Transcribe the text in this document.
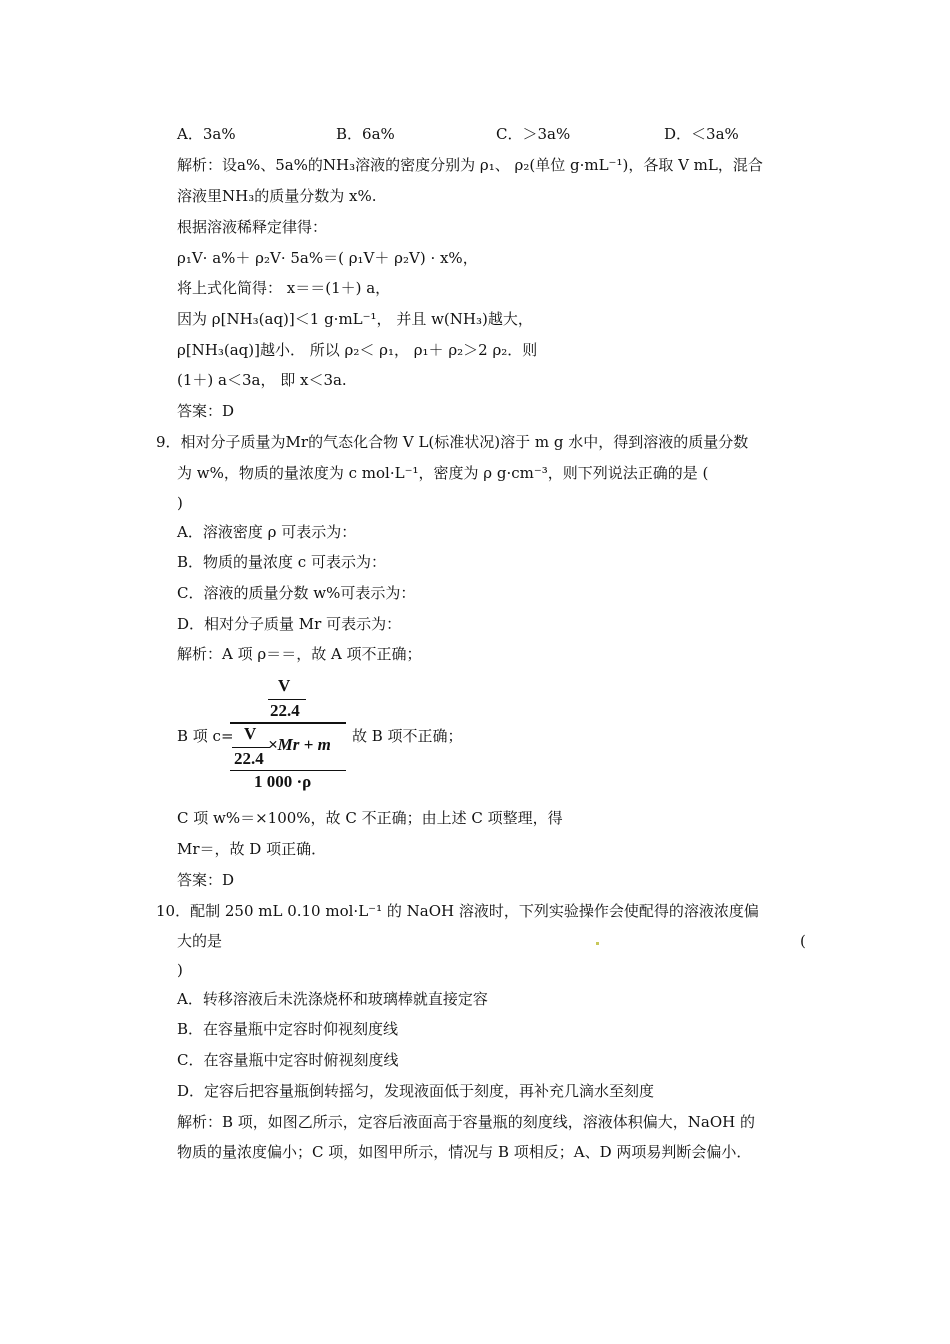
A．3a%	B．6a%	C．＞3a%	D．＜3a%
解析：设a%、5a%的NH₃溶液的密度分别为 ρ₁、 ρ₂(单位 g·mL⁻¹)，各取 V mL，混合
溶液里NH₃的质量分数为 x%.
根据溶液稀释定律得：
ρ₁V· a%＋ ρ₂V· 5a%＝( ρ₁V＋ ρ₂V) · x%，
将上式化简得： x＝＝(1＋) a，
因为 ρ[NH₃(aq)]＜1 g·mL⁻¹， 并且 w(NH₃)越大，
ρ[NH₃(aq)]越小． 所以 ρ₂＜ ρ₁， ρ₁＋ ρ₂＞2 ρ₂．则
(1＋) a＜3a， 即 x＜3a.
答案：D
9．相对分子质量为Mr的气态化合物 V L(标准状况)溶于 m g 水中，得到溶液的质量分数
为 w%，物质的量浓度为 c mol·L⁻¹，密度为 ρ g·cm⁻³，则下列说法正确的是 (
)
A．溶液密度 ρ 可表示为：
B．物质的量浓度 c 可表示为：
C．溶液的质量分数 w%可表示为：
D．相对分子质量 Mr 可表示为：
解析：A 项 ρ＝＝，故 A 项不正确；
B 项 c=
V
22.4
V
22.4
×Mr + m
1 000 ·ρ
故 B 项不正确；
C 项 w%＝×100%，故 C 不正确；由上述 C 项整理，得
Mr＝，故 D 项正确．
答案：D
10．配制 250 mL 0.10 mol·L⁻¹ 的 NaOH 溶液时，下列实验操作会使配得的溶液浓度偏
大的是	(
)
A．转移溶液后未洗涤烧杯和玻璃棒就直接定容
B．在容量瓶中定容时仰视刻度线
C．在容量瓶中定容时俯视刻度线
D．定容后把容量瓶倒转摇匀，发现液面低于刻度，再补充几滴水至刻度
解析：B 项，如图乙所示，定容后液面高于容量瓶的刻度线，溶液体积偏大，NaOH 的
物质的量浓度偏小；C 项，如图甲所示，情况与 B 项相反；A、D 两项易判断会偏小．
